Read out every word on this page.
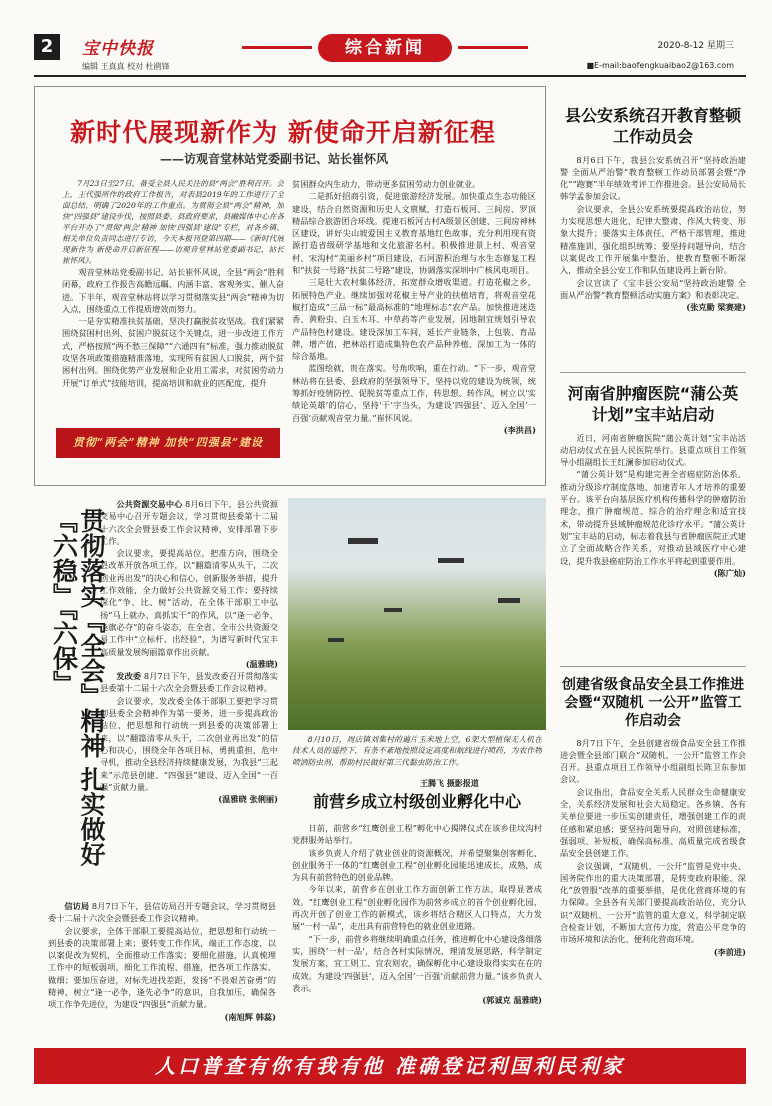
2	宝中快报
编辑 王真真 校对 杜鹃锋
综合新闻	2020-8-12 星期三
■E-mail:baofengkuaibao2@163.com
新时代展现新作为 新使命开启新征程
——访观音堂林站党委副书记、站长崔怀风

7月23日至27日，备受全县人民关注的县“两会”胜利召开。会上，王代强所作的政府工作报告，对表县2019年的工作进行了全面总结，明确了2020年的工作重点。为贯彻全县“两会”精神，加快“四强县”建设步伐，按照县委、县政府要求，县融媒体中心在各平台开办了“贯彻‘两会’精神 加快‘四强县’建设”专栏，对各乡镇、相关单位负责同志进行专访，今天本报刊登第四期——《新时代展现新作为 新使命开启新征程——访观音堂林站党委副书记、站长崔怀风》。

观音堂林站党委副书记、站长崔怀风说，全县“两会”胜利闭幕，政府工作报告高瞻远瞩、内涵丰富、客观务实、催人奋进。下半年，观音堂林站将以学习贯彻落实县“两会”精神为切入点，围绕重点工作提质增效而努力。

一是夯实精准扶贫基础，坚决打赢脱贫攻坚战。我们紧紧围绕贫困村出列、贫困户脱贫这个关键点，进一步改进工作方式，严格按照“两不愁三保障”“六通四有”标准，强力推动脱贫攻坚各项政策措施精准落地，实现所有贫困人口脱贫，两个贫困村出列。围绕优势产业发展和企业用工需求，对贫困劳动力开展“订单式”技能培训，提高培训和就业的匹配度，提升

贯彻“两会”精神 加快“四强县”建设

贫困群众内生动力，带动更多贫困劳动力创业就业。

二是抓好招商引资，促进旅游经济发展。加快重点生态功能区建设，结合自然资源和历史人文禀赋，打造石板河、三间房、罗顶精品综合旅游团合环线。提速石板河古村A级景区创建、三间房神林区建设，讲好尖山坡爱国主义教育基地红色故事，充分利用现有资源打造省级研学基地和文化旅游名村。积极推进景上村、观音堂村、宋沟村“美丽乡村”项目建设，石河游积治理与水生态修复工程和“扶贫一号路”扶贫二号路”建设，协调落实深圳中广核风电项目。

三是壮大农村集体经济，拓宽群众增收渠道。打造花椒之乡，拓展特色产业。继续加强对花椒主导产业的扶植培育，将观音堂花椒打造成“三品一标”最高标准的“地理标志”农产品。加快推进迷迭香、黄粉虫、白玉木耳、中草药等产业发展，因地制宜规划引导农产品特色村建设。建设深加工车间，延长产业链条，上包装、育品牌，增产值，把林站打造成集特色农产品种养植、深加工为一体的综合基地。

蓝图绘就，贵在落实。号角吹响，重在行动。“下一步，观音堂林站将在县委、县政府的坚强领导下，坚持以党的建设为统领，统筹抓好疫情防控、促脱贫等重点工作，转思想、转作风，树立以‘实绩论英雄’的信心，坚持‘干’字当头，为建设‘四强县’、迈入全国‘一百强’贡献观音堂力量。”崔怀风说。

(李洪昌)

贯彻落实『全会』精神 扎实做好『六稳』『六保』

公共资源交易中心 8月6日下午，县公共资源交易中心召开专题会议，学习贯彻县委第十二届十六次全会暨县委工作会议精神，安排部署下步工作。

会议要求，要提高站位，把准方向，围绕全县改革开放各项工作，以“翻篇清零从头干，二次创业再出发”的决心和信心，创新服务举措，提升工作效能，全力做好公共资源交易工作；要持续深化“争、比、树”活动，在全体干部职工中弘扬“马上就办、真抓实干”的作风，以“逢一必争、逢旗必夺”的奋斗姿态，在全省、全市公共资源交易工作中“立标杆、出经验”，为谱写新时代宝丰高质量发展绚丽篇章作出贡献。

(温雅晓)

发改委 8月7日下午，县发改委召开贯彻落实县委第十二届十六次全会暨县委工作会议精神。

会议要求，发改委全体干部职工要把学习贯彻县委全会精神作为第一要务，进一步提高政治站位，把思想和行动统一到县委的决策部署上来，以“翻篇清零从头干，二次创业再出发”的信心和决心，围绕全年各项目标，勇挑重担，危中寻机，推动全县经济持续健康发展，为我县“三起来”示范县创建、“四强县”建设、迈入全国“一百强”贡献力量。

(温雅晓 张俐丽)

信访局 8月7日下午，县信访局召开专题会议，学习贯彻县委十二届十六次全会暨县委工作会议精神。

会议要求，全体干部职工要提高站位，把思想和行动统一到县委的决策部署上来；要转变工作作风，端正工作态度，以以案促改为契机，全面推动工作落实；要细化措施，认真梳理工作中的短板弱项，细化工作流程、措施，把各项工作落实、做细；要加压奋进，对标先进找差距，发扬“不畏艰苦奋勇”的精神，树立“逢一必争，逢先必争”的意识，自我加压，确保各项工作争先进位，为建设“四强县”贡献力量。

(南旭辉 韩蕊)

8月10日，周店镇刘集村的遍片玉米地上空，6架大型植保无人机在技术人员的遥控下，有条不紊地按照设定高度和航线进行喷药，为农作物喷洒防虫剂，帮助村民做好第三代黏虫防治工作。

王腾飞 摄影报道
前营乡成立村级创业孵化中心

日前，前营乡“红鹰创业工程”孵化中心揭牌仪式在该乡佳坟沟村党群服务站举行。

该乡负责人介绍了就业创业的资源概况，并希望聚集创客孵化、创业服务于一体的“红鹰创业工程”创业孵化园能迅速成长，成熟，成为具有前营特色的创业品牌。

今年以来，前营乡在创业工作方面创新工作方法，取得显著成效。“红鹰创业工程”创业孵化园作为前营乡成立的首个创业孵化园，再次开创了创业工作的新模式，该乡将结合精区人口特点，大力发展“一村一品”，走出具有前营特色的就业创业道路。

“下一步，前营乡将继续明确重点任务，推进孵化中心建设落细落实，围绕‘一村一品’，结合各村实际情况，理清发展思路，科学制定发展方案，宜工则工、宜农则农，确保孵化中心建设取得实实在在的成效。为建设‘四强县’，迈入全国‘一百强’贡献前营力量。”该乡负责人表示。

(郭诚克 温雅晓)

县公安系统召开教育整顿工作动员会

8月6日下午，我县公安系统召开“坚持政治建警 全面从严治警”教育整顿工作动员部署会暨“净化”“跑赛”半年绩效考评工作推进会。县公安局局长韩学孟参加会议。

会议要求，全县公安系统要提高政治站位，努力实现思想大进化、纪律大整肃、作风大转变、形象大提升；要落实主体责任，严格干部管理，推进精准施训，强化组织统筹；要坚持问题导向，结合以案促改工作开展集中整治，使教育整顿不断深入，推动全县公安工作和队伍建设再上新台阶。

会议宣读了《宝丰县公安局“坚持政治建警 全面从严治警”教育整顿活动实施方案》和表彰决定。

(张克勤 梁赛建)

河南省肿瘤医院“蒲公英计划”宝丰站启动

近日，河南省肿瘤医院“蒲公英计划”宝丰站活动启动仪式在县人民医院举行。县重点项目工作领导小组副组长王红澜参加启动仪式。

“蒲公英计划”是构建完善全省癌症防治体系、推动分级诊疗制度落地、加速青年人才培养的重要平台。该平台向基层医疗机构传播科学的肿瘤防治理念，推广肿瘤规范、综合的治疗理念和适宜技术，带动提升县域肿瘤规范化诊疗水平。“蒲公英计划”宝丰站的启动，标志着我县与省肿瘤医院正式建立了全面战略合作关系，对推动县域医疗中心建设，提升我县癌症防治工作水平将起到重要作用。

(陈广灿)

创建省级食品安全县工作推进会暨“双随机 一公开”监管工作启动会

8月7日下午，全县创建省级食品安全县工作推进会暨全县部门联合“双随机、一公开”监管工作会召开。县重点项目工作领导小组副组长陈卫东参加会议。

会议指出，食品安全关系人民群众生命健康安全，关系经济发展和社会大局稳定。各乡镇、各有关单位要进一步压实创建责任，增强创建工作的责任感和紧迫感；要坚持问题导向，对照创建标准，强弱项、补短板，确保高标准、高质量完成省级食品安全县创建工作。

会议强调，“双随机、一公开”监管是党中央、国务院作出的重大决策部署，是转变政府职能、深化“放管服”改革的重要举措，是优化营商环境的有力保障。全县各有关部门要提高政治站位，充分认识“双随机、一公开”监管的重大意义，科学制定联合检查计划，不断加大宣传力度，营造公平竞争的市场环境和法治化、便利化营商环境。

(李前进)

人口普查有你有我有他 准确登记利国利民利家
